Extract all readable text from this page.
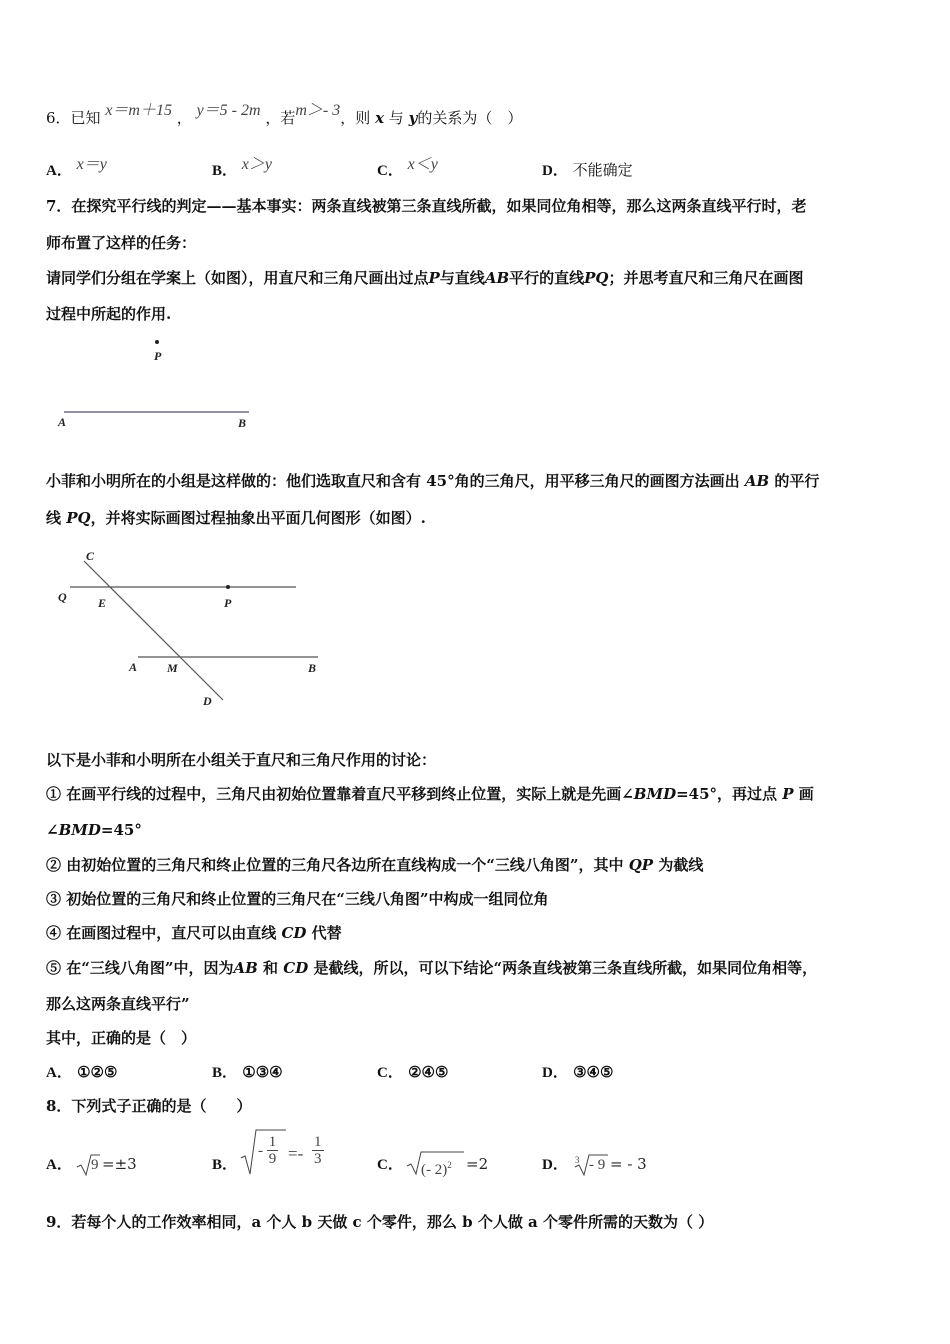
6．已知 x＝m＋15 ， y＝5 - 2m ，若m＞- 3，则 x 与 y的关系为（　）
A． x＝y	B． x＞y	C． x＜y	D． 不能确定
7．在探究平行线的判定——基本事实：两条直线被第三条直线所截，如果同位角相等，那么这两条直线平行时，老
师布置了这样的任务：
请同学们分组在学案上（如图），用直尺和三角尺画出过点P与直线AB平行的直线PQ；并思考直尺和三角尺在画图
过程中所起的作用.
P
A	B
小菲和小明所在的小组是这样做的：他们选取直尺和含有 45°角的三角尺，用平移三角尺的画图方法画出 AB 的平行
线 PQ，并将实际画图过程抽象出平面几何图形（如图）.
C
Q	E	P
A M	B
D
以下是小菲和小明所在小组关于直尺和三角尺作用的讨论：
① 在画平行线的过程中，三角尺由初始位置靠着直尺平移到终止位置，实际上就是先画∠BMD=45°，再过点 P 画
∠BMD=45°
② 由初始位置的三角尺和终止位置的三角尺各边所在直线构成一个“三线八角图”，其中 QP 为截线
③ 初始位置的三角尺和终止位置的三角尺在“三线八角图”中构成一组同位角
④ 在画图过程中，直尺可以由直线 CD 代替
⑤ 在“三线八角图”中，因为AB 和 CD 是截线，所以，可以下结论“两条直线被第三条直线所截，如果同位角相等，
那么这两条直线平行”
其中，正确的是（　）
A． ①②⑤	B． ①③④	C． ②④⑤	D． ③④⑤
8．下列式子正确的是（　　）
A． 9 =±3	B．
- $\frac{1}{9} =- \frac{1}{3}$	C． (- 2)$^2$ =2	D． 3 - 9 = - 3
9．若每个人的工作效率相同，a 个人 b 天做 c 个零件，那么 b 个人做 a 个零件所需的天数为（ ）
